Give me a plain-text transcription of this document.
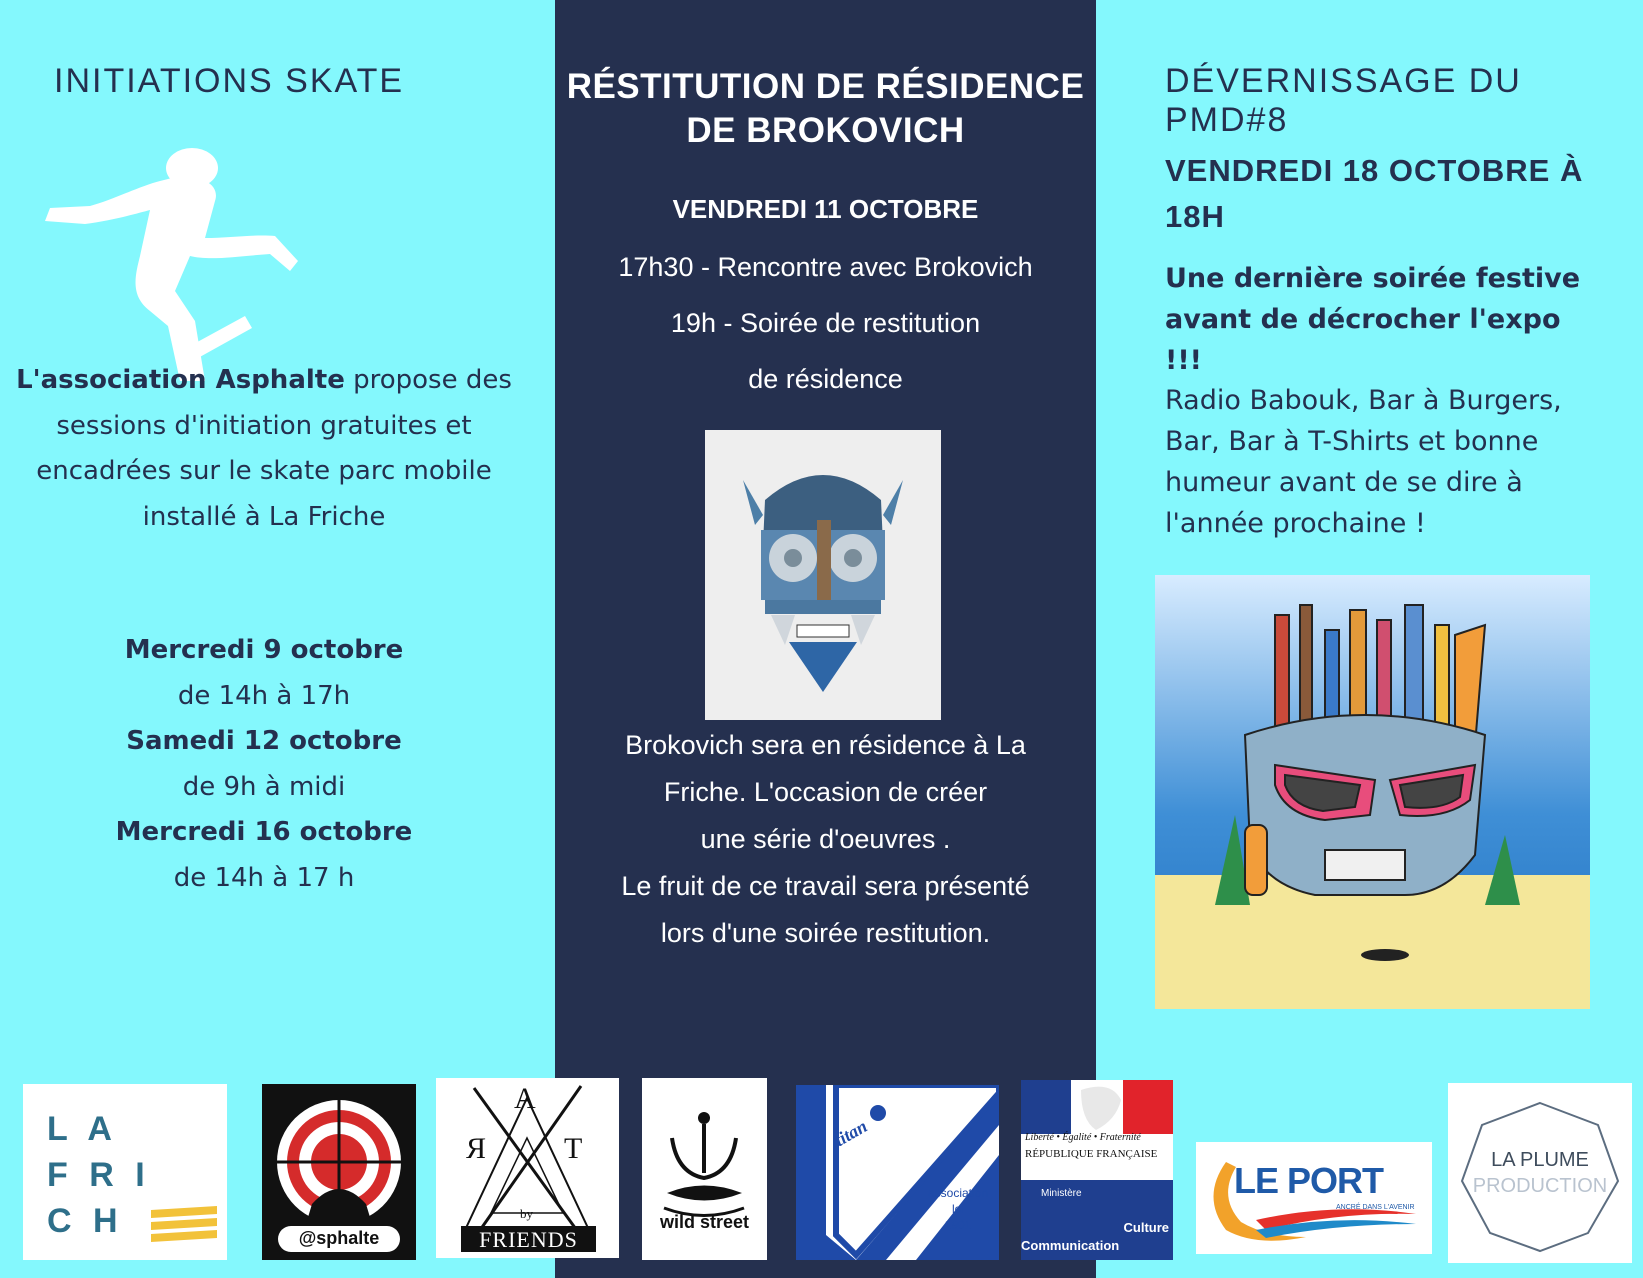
INITIATIONS SKATE
L'association Asphalte propose des sessions d'initiation gratuites et encadrées sur le skate parc mobile installé à La Friche
Mercredi 9 octobre
de 14h à 17h
Samedi 12 octobre
de 9h à midi
Mercredi 16 octobre
de 14h à 17 h
RÉSTITUTION DE RÉSIDENCE
DE BROKOVICH
VENDREDI 11 OCTOBRE
17h30 - Rencontre avec Brokovich
19h - Soirée de restitution
de résidence
Brokovich sera en résidence à La
Friche. L'occasion de créer
une série d'oeuvres .
Le fruit de ce travail sera présenté
lors d'une soirée restitution.
DÉVERNISSAGE DU PMD#8
VENDREDI 18 OCTOBRE À
18H
Une dernière soirée festive
avant de décrocher l'expo
!!!
Radio Babouk, Bar à Burgers,
Bar, Bar à T-Shirts et bonne
humeur avant de se dire à
l'année prochaine !
L A
F R I
C H	@sphalte
A
Я	T
by
FRIENDS
wild street
titan
association
loi
1901
Liberté • Égalité • Fraternité
RÉPUBLIQUE FRANÇAISE
Ministère
Culture
Communication
LE PORT
ANCRÉ DANS L'AVENIR
LA PLUME
PRODUCTION
